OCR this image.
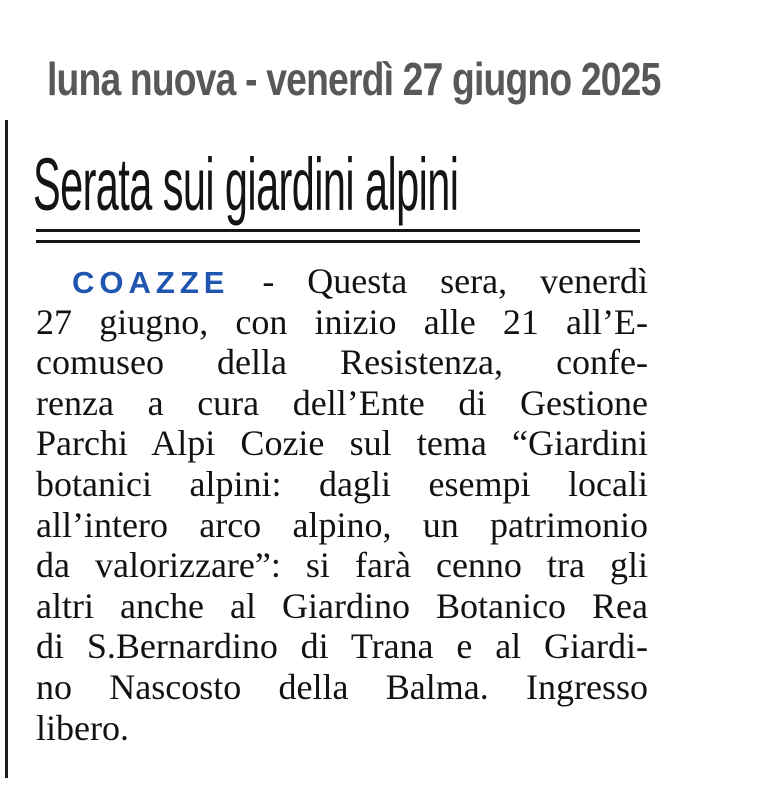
luna nuova - venerdì 27 giugno 2025
Serata sui giardini alpini
COAZZE - Questa sera, venerdì
27 giugno, con inizio alle 21 all’E-
comuseo della Resistenza, confe-
renza a cura dell’Ente di Gestione
Parchi Alpi Cozie sul tema “Giardini
botanici alpini: dagli esempi locali
all’intero arco alpino, un patrimonio
da valorizzare”: si farà cenno tra gli
altri anche al Giardino Botanico Rea
di S.Bernardino di Trana e al Giardi-
no Nascosto della Balma. Ingresso
libero.
